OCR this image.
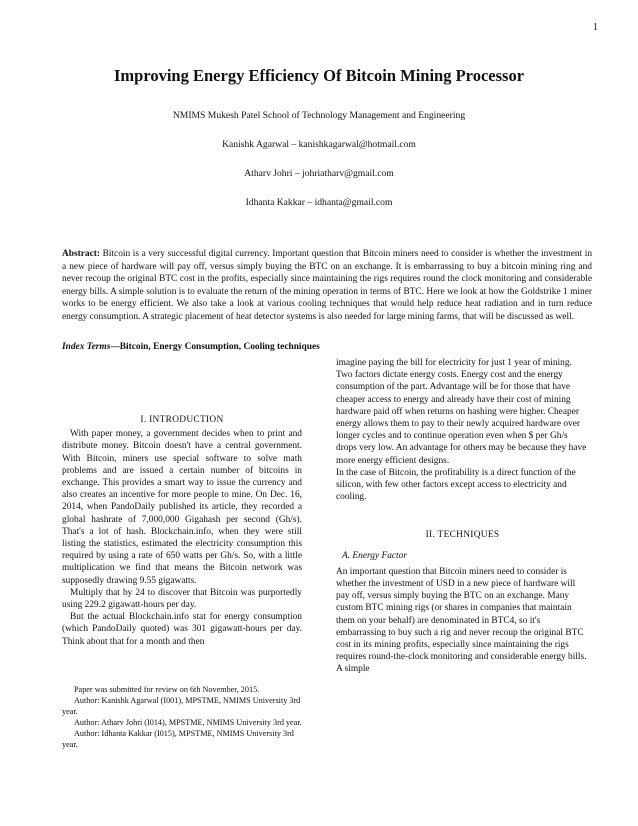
1
Improving Energy Efficiency Of Bitcoin Mining Processor
NMIMS Mukesh Patel School of Technology Management and Engineering
Kanishk Agarwal – kanishkagarwal@hotmail.com
Atharv Johri – johriatharv@gmail.com
Idhanta Kakkar – idhanta@gmail.com
Abstract: Bitcoin is a very successful digital currency. Important question that Bitcoin miners need to consider is whether the investment in a new piece of hardware will pay off, versus simply buying the BTC on an exchange. It is embarrassing to buy a bitcoin mining ring and never recoup the original BTC cost in the profits, especially since maintaining the rigs requires round the clock monitoring and considerable energy bills. A simple solution is to evaluate the return of the mining operation in terms of BTC. Here we look at how the Goldstrike 1 miner works to be energy efficient. We also take a look at various cooling techniques that would help reduce heat radiation and in turn reduce energy consumption. A strategic placement of heat detector systems is also needed for large mining farms, that will be discussed as well.
Index Terms—Bitcoin, Energy Consumption, Cooling techniques
I. INTRODUCTION

With paper money, a government decides when to print and distribute money. Bitcoin doesn't have a central government. With Bitcoin, miners use special software to solve math problems and are issued a certain number of bitcoins in exchange. This provides a smart way to issue the currency and also creates an incentive for more people to mine. On Dec. 16, 2014, when PandoDaily published its article, they recorded a global hashrate of 7,000,000 Gigahash per second (Gh/s). That's a lot of hash. Blockchain.info, when they were still listing the statistics, estimated the electricity consumption this required by using a rate of 650 watts per Gh/s. So, with a little multiplication we find that means the Bitcoin network was supposedly drawing 9.55 gigawatts.

Multiply that by 24 to discover that Bitcoin was purportedly using 229.2 gigawatt-hours per day.

But the actual Blockchain.info stat for energy consumption (which PandoDaily quoted) was 301 gigawatt-hours per day. Think about that for a month and then

Paper was submitted for review on 6th November, 2015.

Author: Kanishk Agarwal (I001), MPSTME, NMIMS University 3rd year.

Author: Atharv Johri (I014), MPSTME, NMIMS University 3rd year.

Author: Idhanta Kakkar (I015), MPSTME, NMIMS University 3rd year.

imagine paying the bill for electricity for just 1 year of mining.

Two factors dictate energy costs. Energy cost and the energy consumption of the part. Advantage will be for those that have cheaper access to energy and already have their cost of mining hardware paid off when returns on hashing were higher. Cheaper energy allows them to pay to their newly acquired hardware over longer cycles and to continue operation even when $ per Gh/s drops very low. An advantage for others may be because they have more energy efficient designs.

In the case of Bitcoin, the profitability is a direct function of the silicon, with few other factors except access to electricity and cooling.

II. TECHNIQUES
A. Energy Factor

An important question that Bitcoin miners need to consider is whether the investment of USD in a new piece of hardware will pay off, versus simply buying the BTC on an exchange. Many custom BTC mining rigs (or shares in companies that maintain them on your behalf) are denominated in BTC4, so it's embarrassing to buy such a rig and never recoup the original BTC cost in its mining profits, especially since maintaining the rigs requires round-the-clock monitoring and considerable energy bills. A simple
